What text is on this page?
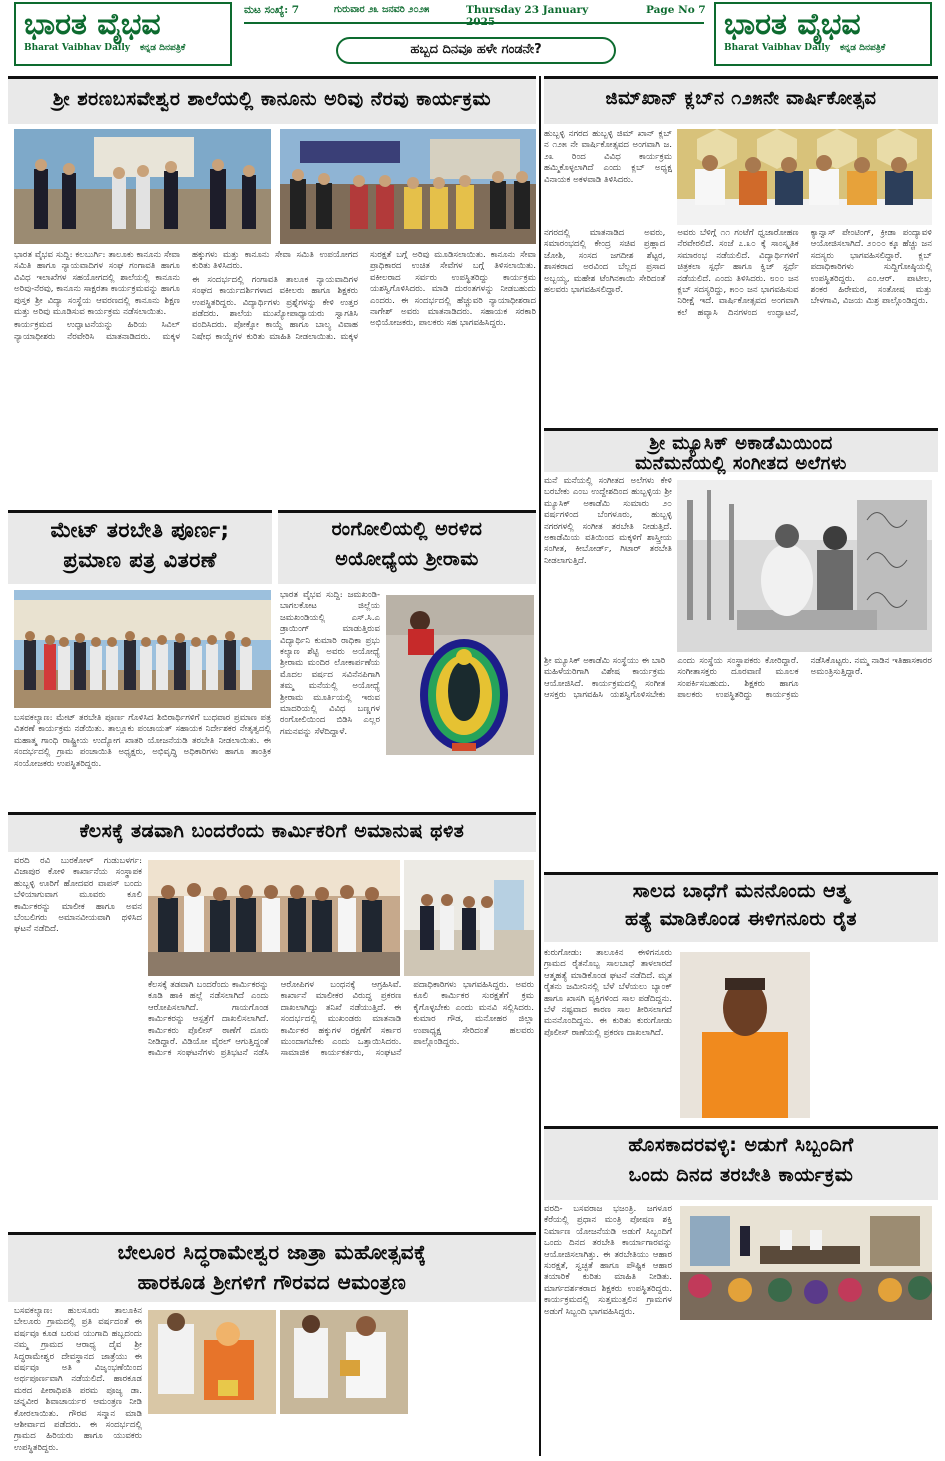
ಭಾರತ ವೈಭವ
Bharat Vaibhav Daily ಕನ್ನಡ ದಿನಪತ್ರಿಕೆ
ಮಟ ಸಂಖ್ಯೆ: 7	ಗುರುವಾರ ೨೩ ಜನವರಿ ೨೦೨೫	Thursday 23 January	Page No 7
ಹಬ್ಬದ ದಿನವೂ ಹಳೇ ಗಂಡನೇ?
ಭಾರತ ವೈಭವ
Bharat Vaibhav Daily ಕನ್ನಡ ದಿನಪತ್ರಿಕೆ
ಶ್ರೀ ಶರಣಬಸವೇಶ್ವರ ಶಾಲೆಯಲ್ಲಿ ಕಾನೂನು ಅರಿವು ನೆರವು ಕಾರ್ಯಕ್ರಮ

ಭಾರತ ವೈಭವ ಸುದ್ದಿ: ಕಲಬುರ್ಗಿ: ತಾಲೂಕು ಕಾನೂನು ಸೇವಾ ಸಮಿತಿ ಹಾಗೂ ನ್ಯಾಯವಾದಿಗಳ ಸಂಘ ಗಂಗಾವತಿ ಹಾಗೂ ವಿವಿಧ ಇಲಾಖೆಗಳ ಸಹಯೋಗದಲ್ಲಿ ಶಾಲೆಯಲ್ಲಿ ಕಾನೂನು ಅರಿವು-ನೆರವು, ಕಾನೂನು ಸಾಕ್ಷರತಾ ಕಾರ್ಯಕ್ರಮವನ್ನು ಹಾಗೂ ಪುಸ್ತಕ ಶ್ರೀ ವಿದ್ಯಾ ಸಂಸ್ಥೆಯ ಆವರಣದಲ್ಲಿ ಕಾನೂನು ಶಿಕ್ಷಣ ಮತ್ತು ಅರಿವು ಮೂಡಿಸುವ ಕಾರ್ಯಕ್ರಮ ನಡೆಸಲಾಯಿತು.

ಕಾರ್ಯಕ್ರಮದ ಉದ್ಘಾಟನೆಯನ್ನು ಹಿರಿಯ ಸಿವಿಲ್ ನ್ಯಾಯಾಧೀಶರು ನೆರವೇರಿಸಿ ಮಾತನಾಡಿದರು. ಮಕ್ಕಳ ಹಕ್ಕುಗಳು ಮತ್ತು ಕಾನೂನು ಸೇವಾ ಸಮಿತಿ ಉಪಯೋಗದ ಕುರಿತು ತಿಳಿಸಿದರು.

ಈ ಸಂದರ್ಭದಲ್ಲಿ ಗಂಗಾವತಿ ತಾಲೂಕ ನ್ಯಾಯವಾದಿಗಳ ಸಂಘದ ಕಾರ್ಯದರ್ಶಿಗಳಾದ ವಕೀಲರು ಹಾಗೂ ಶಿಕ್ಷಕರು ಉಪಸ್ಥಿತರಿದ್ದರು. ವಿದ್ಯಾರ್ಥಿಗಳು ಪ್ರಶ್ನೆಗಳನ್ನು ಕೇಳಿ ಉತ್ತರ ಪಡೆದರು. ಶಾಲೆಯ ಮುಖ್ಯೋಪಾಧ್ಯಾಯರು ಸ್ವಾಗತಿಸಿ ವಂದಿಸಿದರು. ಪೋಕ್ಸೋ ಕಾಯ್ದೆ ಹಾಗೂ ಬಾಲ್ಯ ವಿವಾಹ ನಿಷೇಧ ಕಾಯ್ದೆಗಳ ಕುರಿತು ಮಾಹಿತಿ ನೀಡಲಾಯಿತು. ಮಕ್ಕಳ ಸುರಕ್ಷತೆ ಬಗ್ಗೆ ಅರಿವು ಮೂಡಿಸಲಾಯಿತು. ಕಾನೂನು ಸೇವಾ ಪ್ರಾಧಿಕಾರದ ಉಚಿತ ಸೇವೆಗಳ ಬಗ್ಗೆ ತಿಳಿಸಲಾಯಿತು. ವಕೀಲರಾದ ಸರ್ವರು ಉಪಸ್ಥಿತರಿದ್ದು ಕಾರ್ಯಕ್ರಮ ಯಶಸ್ವಿಗೊಳಿಸಿದರು. ಮಾಡಿ ದುರಂತಗಳನ್ನು ನೀಡಬಹುದು ಎಂದರು. ಈ ಸಂದರ್ಭದಲ್ಲಿ ಹೆಚ್ಚುವರಿ ನ್ಯಾಯಾಧೀಶರಾದ ನಾಗೇಶ್ ಅವರು ಮಾತನಾಡಿದರು. ಸಹಾಯಕ ಸರಕಾರಿ ಅಭಿಯೋಜಕರು, ಪಾಲಕರು ಸಹ ಭಾಗವಹಿಸಿದ್ದರು.

ಜಿಮ್‌ಖಾನ್ ಕ್ಲಬ್‌ನ ೧೨೫ನೇ ವಾರ್ಷಿಕೋತ್ಸವ

ಹುಬ್ಬಳ್ಳಿ ನಗರದ ಹುಬ್ಬಳ್ಳಿ ಜಿಮ್ ಖಾನ್ ಕ್ಲಬ್ ನ ೧೨೫ ನೇ ವಾರ್ಷಿಕೋತ್ಸವದ ಅಂಗವಾಗಿ ಜ. ೨೩ ರಿಂದ ವಿವಿಧ ಕಾರ್ಯಕ್ರಮ ಹಮ್ಮಿಕೊಳ್ಳಲಾಗಿದೆ ಎಂದು ಕ್ಲಬ್ ಅಧ್ಯಕ್ಷ ವಿನಾಯಕ ಅಕಳವಾಡಿ ತಿಳಿಸಿದರು.

ನಗರದಲ್ಲಿ ಮಾತನಾಡಿದ ಅವರು, ಸಮಾರಂಭದಲ್ಲಿ ಕೇಂದ್ರ ಸಚಿವ ಪ್ರಹ್ಲಾದ ಜೋಶಿ, ಸಂಸದ ಜಗದೀಶ ಶೆಟ್ಟರ, ಶಾಸಕರಾದ ಅರವಿಂದ ಬೆಲ್ಲದ ಪ್ರಸಾದ ಅಬ್ಬಯ್ಯ, ಮಹೇಶ ಟೆಂಗಿನಕಾಯಿ ಸೇರಿದಂತೆ ಹಲವರು ಭಾಗವಹಿಸಲಿದ್ದಾರೆ.

ಅವರು ಬೆಳಿಗ್ಗೆ ೧೧ ಗಂಟೆಗೆ ಧ್ವಜಾರೋಹಣ ನೆರವೇರಲಿದೆ. ಸಂಜೆ ೭.೩೦ ಕ್ಕೆ ಸಾಂಸ್ಕೃತಿಕ ಸಮಾರಂಭ ನಡೆಯಲಿದೆ. ವಿದ್ಯಾರ್ಥಿಗಳಿಗೆ ಚಿತ್ರಕಲಾ ಸ್ಪರ್ಧೆ ಹಾಗೂ ಕ್ವಿಜ್ ಸ್ಪರ್ಧೆ ನಡೆಯಲಿದೆ. ಎಂದು ತಿಳಿಸಿದರು. ೮೦೦ ಜನ ಕ್ಲಬ್ ಸದಸ್ಯರಿದ್ದು, ೫೦೦ ಜನ ಭಾಗವಹಿಸುವ ನಿರೀಕ್ಷೆ ಇದೆ. ವಾರ್ಷಿಕೋತ್ಸವದ ಅಂಗವಾಗಿ ಕಲೆ ಹವ್ಯಾಸಿ ದಿನಗಳಂದ ಉದ್ಘಾಟನೆ, ಕ್ಯಾನ್ವಾಸ್ ಪೇಂಟಿಂಗ್, ಕ್ರೀಡಾ ಪಂದ್ಯಾವಳಿ ಆಯೋಜಿಸಲಾಗಿದೆ. ೨೦೦೦ ಕ್ಕೂ ಹೆಚ್ಚು ಜನ ಸದಸ್ಯರು ಭಾಗವಹಿಸಲಿದ್ದಾರೆ. ಕ್ಲಬ್ ಪದಾಧಿಕಾರಿಗಳು ಸುದ್ದಿಗೋಷ್ಠಿಯಲ್ಲಿ ಉಪಸ್ಥಿತರಿದ್ದರು. ಎಂ.ಆರ್. ಪಾಟೀಲ, ಶಂಕರ ಹಿರೇಮಠ, ಸಂತೋಷ ಮತ್ತು ಬೇಳಗಾವಿ, ವಿಜಯ ಮಿಶ್ರ ಪಾಲ್ಗೊಂಡಿದ್ದರು.

ಮೇಟ್ ತರಬೇತಿ ಪೂರ್ಣ;
ಪ್ರಮಾಣ ಪತ್ರ ವಿತರಣೆ

ಬಸವಕಲ್ಯಾಣ: ಮೇಟ್ ತರಬೇತಿ ಪೂರ್ಣ ಗೊಳಿಸಿದ ಶಿಬಿರಾರ್ಥಿಗಳಿಗೆ ಬುಧವಾರ ಪ್ರಮಾಣ ಪತ್ರ ವಿತರಣೆ ಕಾರ್ಯಕ್ರಮ ನಡೆಯಿತು. ತಾಲ್ಲೂಕು ಪಂಚಾಯತ್ ಸಹಾಯಕ ನಿರ್ದೇಶಕರ ನೇತೃತ್ವದಲ್ಲಿ ಮಹಾತ್ಮ ಗಾಂಧಿ ರಾಷ್ಟ್ರೀಯ ಉದ್ಯೋಗ ಖಾತರಿ ಯೋಜನೆಯಡಿ ತರಬೇತಿ ನೀಡಲಾಯಿತು. ಈ ಸಂದರ್ಭದಲ್ಲಿ ಗ್ರಾಮ ಪಂಚಾಯಿತಿ ಅಧ್ಯಕ್ಷರು, ಅಭಿವೃದ್ಧಿ ಅಧಿಕಾರಿಗಳು ಹಾಗೂ ತಾಂತ್ರಿಕ ಸಂಯೋಜಕರು ಉಪಸ್ಥಿತರಿದ್ದರು.

ರಂಗೋಲಿಯಲ್ಲಿ ಅರಳಿದ
ಅಯೋಧ್ಯೆಯ ಶ್ರೀರಾಮ

ಭಾರತ ವೈಭವ ಸುದ್ದಿ: ಜಮಖಂಡಿ- ಬಾಗಲಕೋಟ ಜಿಲ್ಲೆಯ ಜಮಖಂಡಿಯಲ್ಲಿ ಎಸ್.ಸಿ.ಎ ಡ್ರಾಯಿಂಗ್ ಮಾಡುತ್ತಿರುವ ವಿದ್ಯಾರ್ಥಿನಿ ಕುಮಾರಿ ರಾಧಿಕಾ ಪ್ರಭು ಕಲ್ಯಾಣ ಶೆಟ್ಟಿ ಅವರು ಅಯೋಧ್ಯೆ ಶ್ರೀರಾಮ ಮಂದಿರ ಲೋಕಾರ್ಪಣೆಯ ಮೊದಲ ವರ್ಷದ ಸವಿನೆನಪಿಗಾಗಿ ತಮ್ಮ ಮನೆಯಲ್ಲಿ ಅಯೋಧ್ಯೆ ಶ್ರೀರಾಮ ಮೂರ್ತಿಯಲ್ಲಿ ಇರುವ ಮಾದರಿಯಲ್ಲಿ ವಿವಿಧ ಬಣ್ಣಗಳ ರಂಗೋಲಿಯಿಂದ ಬಿಡಿಸಿ ಎಲ್ಲರ ಗಮನವನ್ನು ಸೆಳೆದಿದ್ದಾಳೆ.

ಶ್ರೀ ಮ್ಯೂಸಿಕ್ ಅಕಾಡೆಮಿಯಿಂದ
ಮನೆಮನೆಯಲ್ಲಿ ಸಂಗೀತದ ಅಲೆಗಳು

ಮನೆ ಮನೆಯಲ್ಲಿ ಸಂಗೀತದ ಅಲೆಗಳು ಕೇಳಿ ಬರಬೇಕು ಎಂಬ ಉದ್ದೇಶದಿಂದ ಹುಬ್ಬಳ್ಳಿಯ ಶ್ರೀ ಮ್ಯೂಸಿಕ್ ಅಕಾಡೆಮಿ ಸುಮಾರು ೨೦ ವರ್ಷಗಳಿಂದ ಬೆಂಗಳೂರು, ಹುಬ್ಬಳ್ಳಿ ನಗರಗಳಲ್ಲಿ ಸಂಗೀತ ತರಬೇತಿ ನೀಡುತ್ತಿದೆ. ಅಕಾಡೆಮಿಯ ವತಿಯಿಂದ ಮಕ್ಕಳಿಗೆ ಶಾಸ್ತ್ರೀಯ ಸಂಗೀತ, ಕೀಬೋರ್ಡ್, ಗಿಟಾರ್ ತರಬೇತಿ ನೀಡಲಾಗುತ್ತಿದೆ.

ಶ್ರೀ ಮ್ಯೂಸಿಕ್ ಅಕಾಡೆಮಿ ಸಂಸ್ಥೆಯು ಈ ಬಾರಿ ಮಹಿಳೆಯರಿಗಾಗಿ ವಿಶೇಷ ಕಾರ್ಯಕ್ರಮ ಆಯೋಜಿಸಿದೆ. ಕಾರ್ಯಕ್ರಮದಲ್ಲಿ ಸಂಗೀತ ಆಸಕ್ತರು ಭಾಗವಹಿಸಿ ಯಶಸ್ವಿಗೊಳಿಸಬೇಕು ಎಂದು ಸಂಸ್ಥೆಯ ಸಂಸ್ಥಾಪಕರು ಕೋರಿದ್ದಾರೆ. ಸಂಗೀತಾಸಕ್ತರು ದೂರವಾಣಿ ಮೂಲಕ ಸಂಪರ್ಕಿಸಬಹುದು. ಶಿಕ್ಷಕರು ಹಾಗೂ ಪಾಲಕರು ಉಪಸ್ಥಿತರಿದ್ದು ಕಾರ್ಯಕ್ರಮ ನಡೆಸಿಕೊಟ್ಟರು. ನಮ್ಮ ನಾಡಿನ ಇತಿಹಾಸಕಾರರ ಅಮಂತ್ರಿಸುತ್ತಿದ್ದಾರೆ.

ಕೆಲಸಕ್ಕೆ ತಡವಾಗಿ ಬಂದರೆಂದು ಕಾರ್ಮಿಕರಿಗೆ ಅಮಾನುಷ ಥಳಿತ

ವರದಿ ರವಿ ಬುರಕೋಳ್ ಗುಡುಬಳರ್ಗ: ವಿಜಾಪುರ ಕೋಳಿ ಕಾರ್ಖಾನೆಯ ಸಂಸ್ಥಾಪಕ ಹುಬ್ಬಳ್ಳಿ ಊರಿಗೆ ಹೋದವರ ವಾಪಸ್ ಬಂದು ಬೆಳಿಯಾಗುವಾಗ ಮೂವರು ಕೂಲಿ ಕಾರ್ಮಿಕರನ್ನು ಮಾಲೀಕ ಹಾಗೂ ಅವನ ಬೆಂಬಲಿಗರು ಅಮಾನವೀಯವಾಗಿ ಥಳಿಸಿದ ಘಟನೆ ನಡೆದಿದೆ.

ಕೆಲಸಕ್ಕೆ ತಡವಾಗಿ ಬಂದರೆಂದು ಕಾರ್ಮಿಕರನ್ನು ಕೂಡಿ ಹಾಕಿ ಹಲ್ಲೆ ನಡೆಸಲಾಗಿದೆ ಎಂದು ಆರೋಪಿಸಲಾಗಿದೆ. ಗಾಯಗೊಂಡ ಕಾರ್ಮಿಕರನ್ನು ಆಸ್ಪತ್ರೆಗೆ ದಾಖಲಿಸಲಾಗಿದೆ. ಕಾರ್ಮಿಕರು ಪೊಲೀಸ್ ಠಾಣೆಗೆ ದೂರು ನೀಡಿದ್ದಾರೆ. ವಿಡಿಯೋ ವೈರಲ್ ಆಗುತ್ತಿದ್ದಂತೆ ಕಾರ್ಮಿಕ ಸಂಘಟನೆಗಳು ಪ್ರತಿಭಟನೆ ನಡೆಸಿ ಆರೋಪಿಗಳ ಬಂಧನಕ್ಕೆ ಆಗ್ರಹಿಸಿವೆ. ಕಾರ್ಖಾನೆ ಮಾಲೀಕರ ವಿರುದ್ಧ ಪ್ರಕರಣ ದಾಖಲಾಗಿದ್ದು ತನಿಖೆ ನಡೆಯುತ್ತಿದೆ. ಈ ಸಂದರ್ಭದಲ್ಲಿ ಮುಖಂಡರು ಮಾತನಾಡಿ ಕಾರ್ಮಿಕರ ಹಕ್ಕುಗಳ ರಕ್ಷಣೆಗೆ ಸರ್ಕಾರ ಮುಂದಾಗಬೇಕು ಎಂದು ಒತ್ತಾಯಿಸಿದರು. ಸಾಮಾಜಿಕ ಕಾರ್ಯಕರ್ತರು, ಸಂಘಟನೆ ಪದಾಧಿಕಾರಿಗಳು ಭಾಗವಹಿಸಿದ್ದರು. ಅವರು ಕೂಲಿ ಕಾರ್ಮಿಕರ ಸುರಕ್ಷತೆಗೆ ಕ್ರಮ ಕೈಗೊಳ್ಳಬೇಕು ಎಂದು ಮನವಿ ಸಲ್ಲಿಸಿದರು. ಕುಮಾರ ಗೌಡ, ಮನೋಹರ ಜಿಲ್ಲಾ ಉಪಾಧ್ಯಕ್ಷ ಸೇರಿದಂತೆ ಹಲವರು ಪಾಲ್ಗೊಂಡಿದ್ದರು.

ಸಾಲದ ಬಾಧೆಗೆ ಮನನೊಂದು ಆತ್ಮ
ಹತ್ಯೆ ಮಾಡಿಕೊಂಡ ಈಳಿಗನೂರು ರೈತ

ಕುರುಗೋಡು: ತಾಲೂಕಿನ ಈಳಿಗನೂರು ಗ್ರಾಮದ ರೈತನೊಬ್ಬ ಸಾಲಬಾಧೆ ತಾಳಲಾರದೆ ಆತ್ಮಹತ್ಯೆ ಮಾಡಿಕೊಂಡ ಘಟನೆ ನಡೆದಿದೆ. ಮೃತ ರೈತನು ಜಮೀನಿನಲ್ಲಿ ಬೆಳೆ ಬೆಳೆಯಲು ಬ್ಯಾಂಕ್ ಹಾಗೂ ಖಾಸಗಿ ವ್ಯಕ್ತಿಗಳಿಂದ ಸಾಲ ಪಡೆದಿದ್ದನು. ಬೆಳೆ ನಷ್ಟವಾದ ಕಾರಣ ಸಾಲ ತೀರಿಸಲಾಗದೆ ಮನನೊಂದಿದ್ದನು. ಈ ಕುರಿತು ಕುರುಗೋಡು ಪೊಲೀಸ್ ಠಾಣೆಯಲ್ಲಿ ಪ್ರಕರಣ ದಾಖಲಾಗಿದೆ.

ಹೊಸಕಾದರವಳ್ಳಿ: ಅಡುಗೆ ಸಿಬ್ಬಂದಿಗೆ
ಒಂದು ದಿನದ ತರಬೇತಿ ಕಾರ್ಯಕ್ರಮ

ವರದಿ- ಬಸವರಾಜ ಭಜಂತ್ರಿ. ಜಗಳೂರ ಕೆರೆಯಲ್ಲಿ ಪ್ರಧಾನ ಮಂತ್ರಿ ಪೋಷಣ ಶಕ್ತಿ ನಿರ್ಮಾಣ ಯೋಜನೆಯಡಿ ಅಡುಗೆ ಸಿಬ್ಬಂದಿಗೆ ಒಂದು ದಿನದ ತರಬೇತಿ ಕಾರ್ಯಾಗಾರವನ್ನು ಆಯೋಜಿಸಲಾಗಿತ್ತು. ಈ ತರಬೇತಿಯು ಆಹಾರ ಸುರಕ್ಷತೆ, ಸ್ವಚ್ಛತೆ ಹಾಗೂ ಪೌಷ್ಟಿಕ ಆಹಾರ ತಯಾರಿಕೆ ಕುರಿತು ಮಾಹಿತಿ ನೀಡಿತು. ಮಾರ್ಗದರ್ಶಕರಾದ ಶಿಕ್ಷಕರು ಉಪಸ್ಥಿತರಿದ್ದರು. ಕಾರ್ಯಕ್ರಮದಲ್ಲಿ ಸುತ್ತಮುತ್ತಲಿನ ಗ್ರಾಮಗಳ ಅಡುಗೆ ಸಿಬ್ಬಂದಿ ಭಾಗವಹಿಸಿದ್ದರು.

ಬೇಲೂರ ಸಿದ್ಧರಾಮೇಶ್ವರ ಜಾತ್ರಾ ಮಹೋತ್ಸವಕ್ಕೆ
ಹಾರಕೂಡ ಶ್ರೀಗಳಿಗೆ ಗೌರವದ ಆಮಂತ್ರಣ

ಬಸವಕಲ್ಯಾಣ: ಹುಲಸೂರು ತಾಲೂಕಿನ ಬೇಲೂರು ಗ್ರಾಮದಲ್ಲಿ ಪ್ರತಿ ವರ್ಷದಂತೆ ಈ ವರ್ಷವೂ ಕೂಡ ಬರುವ ಯುಗಾದಿ ಹಬ್ಬದಂದು ನಮ್ಮ ಗ್ರಾಮದ ಆರಾಧ್ಯ ದೈವ ಶ್ರೀ ಸಿದ್ಧರಾಮೇಶ್ವರ ದೇವಸ್ಥಾನದ ಜಾತ್ರೆಯು ಈ ವರ್ಷವೂ ಅತಿ ವಿಜೃಂಭಣೆಯಿಂದ ಅರ್ಥಪೂರ್ಣವಾಗಿ ನಡೆಯಲಿದೆ. ಹಾರಕೂಡ ಮಠದ ಪೀಠಾಧಿಪತಿ ಪರಮ ಪೂಜ್ಯ ಡಾ. ಚನ್ನವೀರ ಶಿವಾಚಾರ್ಯರ ಆಮಂತ್ರಣ ನೀಡಿ ಕೋರಲಾಯಿತು. ಗೌರವ ಸನ್ಮಾನ ಮಾಡಿ ಆಶೀರ್ವಾದ ಪಡೆದರು. ಈ ಸಂದರ್ಭದಲ್ಲಿ ಗ್ರಾಮದ ಹಿರಿಯರು ಹಾಗೂ ಯುವಕರು ಉಪಸ್ಥಿತರಿದ್ದರು.
